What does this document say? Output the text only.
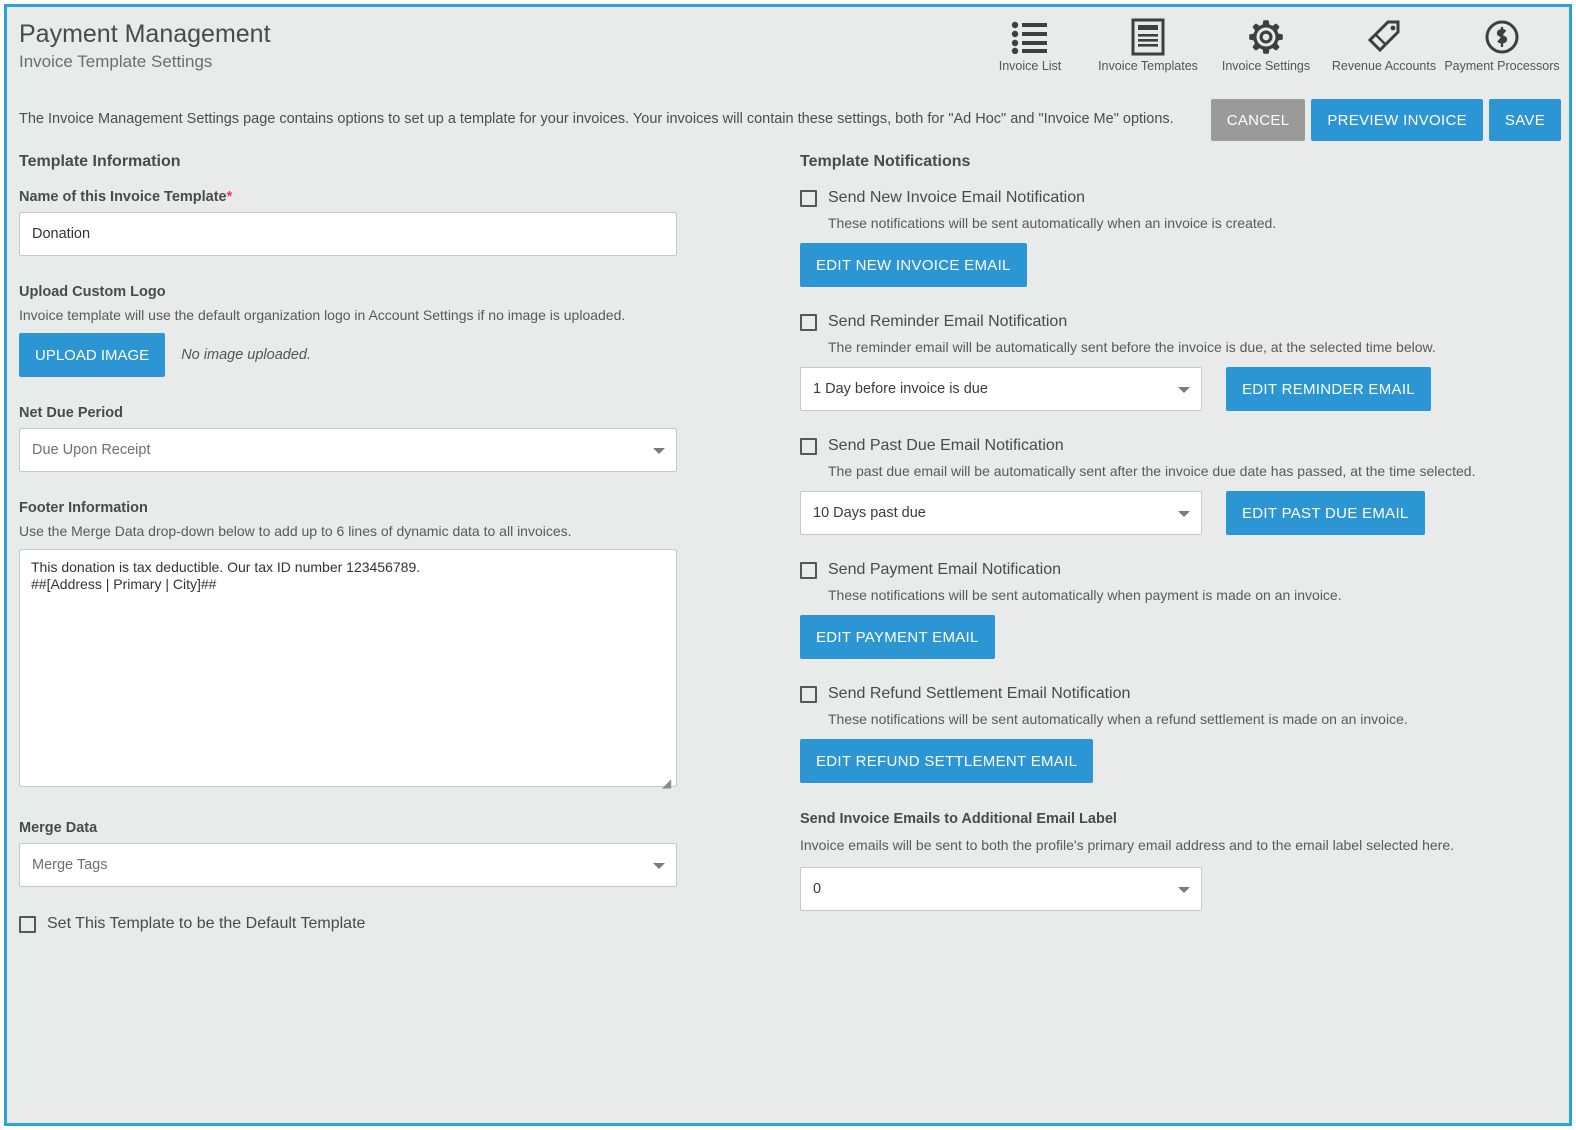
Payment Management
Invoice Template Settings	Invoice List	Invoice Templates	Invoice Settings	Revenue Accounts Payment Processors
The Invoice Management Settings page contains options to set up a template for your invoices. Your invoices will contain these settings, both for "Ad Hoc" and "Invoice Me" options.	CANCEL	PREVIEW INVOICE	SAVE
Template Information
Name of this Invoice Template*
Donation
Upload Custom Logo
Invoice template will use the default organization logo in Account Settings if no image is uploaded.
UPLOAD IMAGE	No image uploaded.
Net Due Period
Due Upon Receipt
Footer Information
Use the Merge Data drop-down below to add up to 6 lines of dynamic data to all invoices.
This donation is tax deductible. Our tax ID number 123456789. ##[Address | Primary | City]##
◢
Merge Data
Merge Tags
Set This Template to be the Default Template
Template Notifications
Send New Invoice Email Notification
These notifications will be sent automatically when an invoice is created.
EDIT NEW INVOICE EMAIL
Send Reminder Email Notification
The reminder email will be automatically sent before the invoice is due, at the selected time below.
1 Day before invoice is due	EDIT REMINDER EMAIL
Send Past Due Email Notification
The past due email will be automatically sent after the invoice due date has passed, at the time selected.
10 Days past due	EDIT PAST DUE EMAIL
Send Payment Email Notification
These notifications will be sent automatically when payment is made on an invoice.
EDIT PAYMENT EMAIL
Send Refund Settlement Email Notification
These notifications will be sent automatically when a refund settlement is made on an invoice.
EDIT REFUND SETTLEMENT EMAIL
Send Invoice Emails to Additional Email Label
Invoice emails will be sent to both the profile's primary email address and to the email label selected here.
0
